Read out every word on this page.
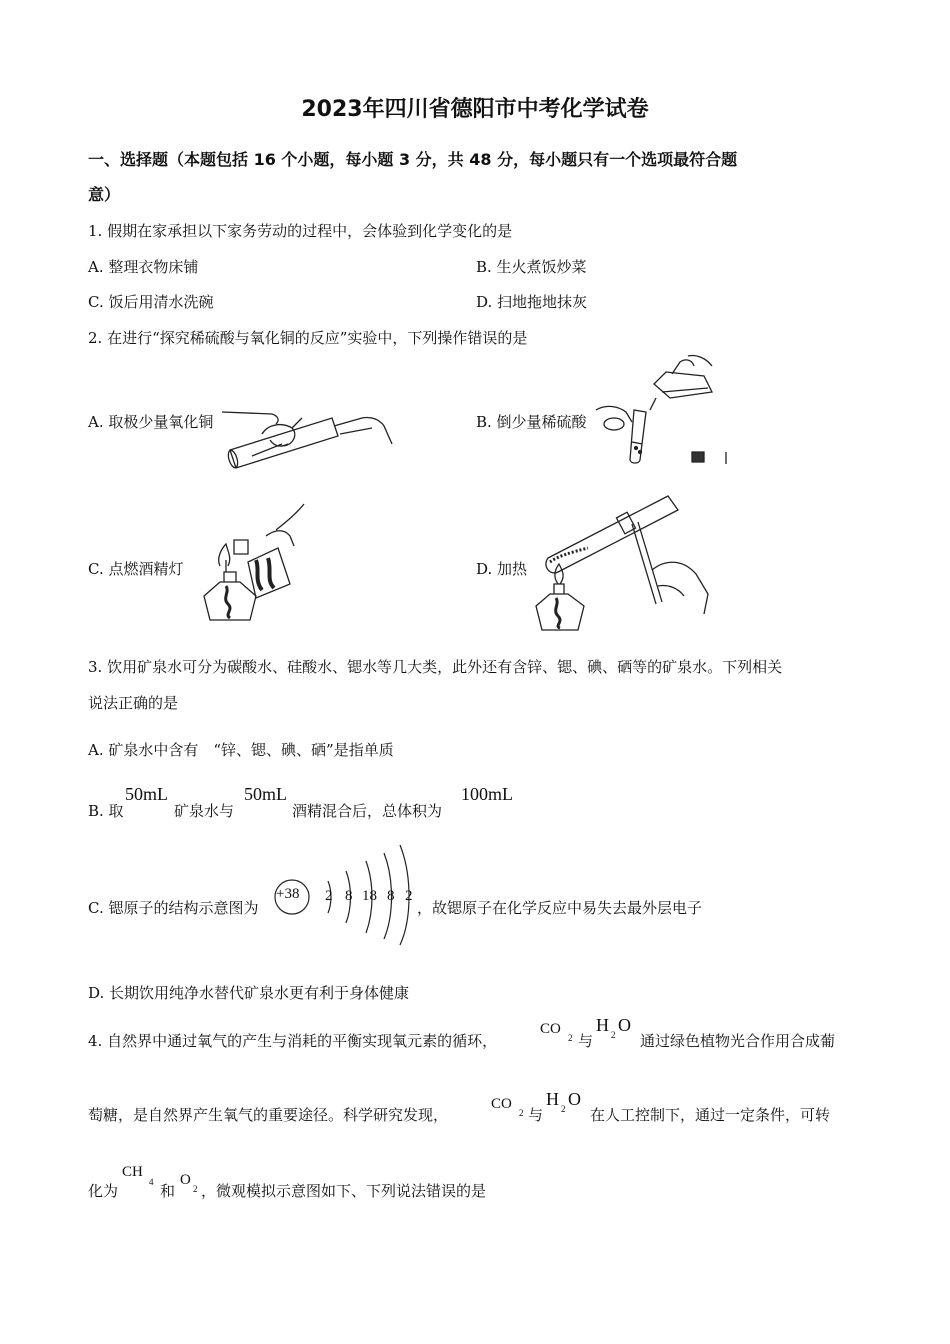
2023年四川省德阳市中考化学试卷
一、选择题（本题包括 16 个小题，每小题 3 分，共 48 分，每小题只有一个选项最符合题
意）
1. 假期在家承担以下家务劳动的过程中，会体验到化学变化的是
A. 整理衣物床铺	B. 生火煮饭炒菜
C. 饭后用清水洗碗	D. 扫地拖地抹灰
2. 在进行“探究稀硫酸与氧化铜的反应”实验中，下列操作错误的是
A. 取极少量氧化铜	B. 倒少量稀硫酸
C. 点燃酒精灯	D. 加热
3. 饮用矿泉水可分为碳酸水、硅酸水、锶水等几大类，此外还有含锌、锶、碘、硒等的矿泉水。下列相关
说法正确的是
A. 矿泉水中含有　“锌、锶、碘、硒”是指单质
B. 取
50mL
矿泉水与
50mL
酒精混合后，总体积为
100mL
C. 锶原子的结构示意图为
+38 2 8 18 8 2
，故锶原子在化学反应中易失去最外层电子
D. 长期饮用纯净水替代矿泉水更有利于身体健康
4. 自然界中通过氧气的产生与消耗的平衡实现氧元素的循环，
CO
2 与
H 2 O
通过绿色植物光合作用合成葡
萄糖，是自然界产生氧气的重要途径。科学研究发现，
CO
2 与
H 2 O
在人工控制下，通过一定条件，可转
化为
CH
4 和
O
2 ，微观模拟示意图如下、下列说法错误的是
